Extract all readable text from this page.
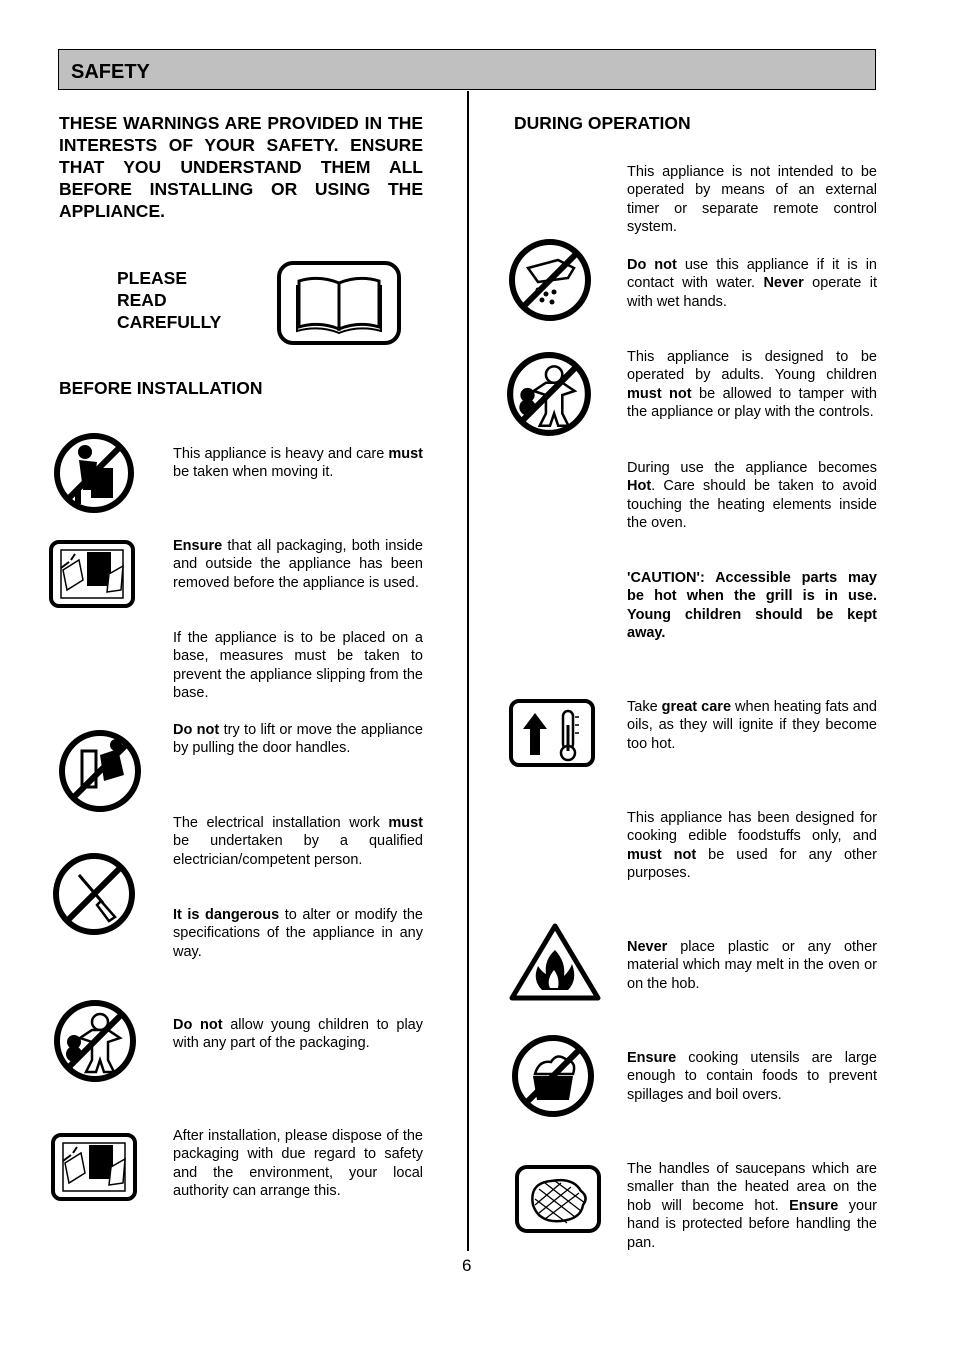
SAFETY
THESE WARNINGS ARE PROVIDED IN THE INTERESTS OF YOUR SAFETY. ENSURE THAT YOU UNDERSTAND THEM ALL BEFORE INSTALLING OR USING THE APPLIANCE.
PLEASE
READ
CAREFULLY
BEFORE INSTALLATION
This appliance is heavy and care must be taken when moving it.
Ensure that all packaging, both inside and outside the appliance has been removed before the appliance is used.
If the appliance is to be placed on a base, measures must be taken to prevent the appliance slipping from the base.
Do not try to lift or move the appliance by pulling the door handles.
The electrical installation work must be undertaken by a qualified electrician/competent person.
It is dangerous to alter or modify the specifications of the appliance in any way.
Do not allow young children to play with any part of the packaging.
After installation, please dispose of the packaging with due regard to safety and the environment, your local authority can arrange this.
DURING OPERATION
This appliance is not intended to be operated by means of an external timer or separate remote control system.
Do not use this appliance if it is in contact with water. Never operate it with wet hands.
This appliance is designed to be operated by adults. Young children must not be allowed to tamper with the appliance or play with the controls.
During use the appliance becomes Hot. Care should be taken to avoid touching the heating elements inside the oven.
'CAUTION': Accessible parts may be hot when the grill is in use. Young children should be kept away.
Take great care when heating fats and oils, as they will ignite if they become too hot.
This appliance has been designed for cooking edible foodstuffs only, and must not be used for any other purposes.
Never place plastic or any other material which may melt in the oven or on the hob.
Ensure cooking utensils are large enough to contain foods to prevent spillages and boil overs.
The handles of saucepans which are smaller than the heated area on the hob will become hot. Ensure your hand is protected before handling the pan.
6
